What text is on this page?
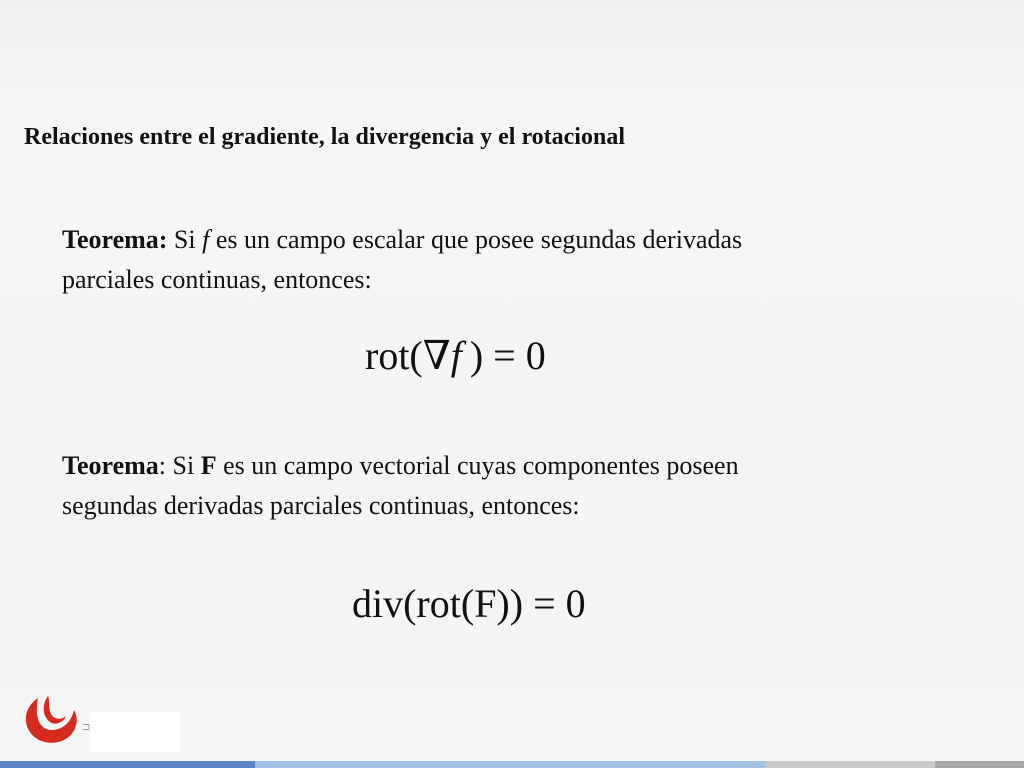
Relaciones entre el gradiente, la divergencia y el rotacional
Teorema: Si f es un campo escalar que posee segundas derivadas
parciales continuas, entonces:
rot(∇f ) = 0
Teorema: Si F es un campo vectorial cuyas componentes poseen
segundas derivadas parciales continuas, entonces:
div(rot(F)) = 0
⊐
